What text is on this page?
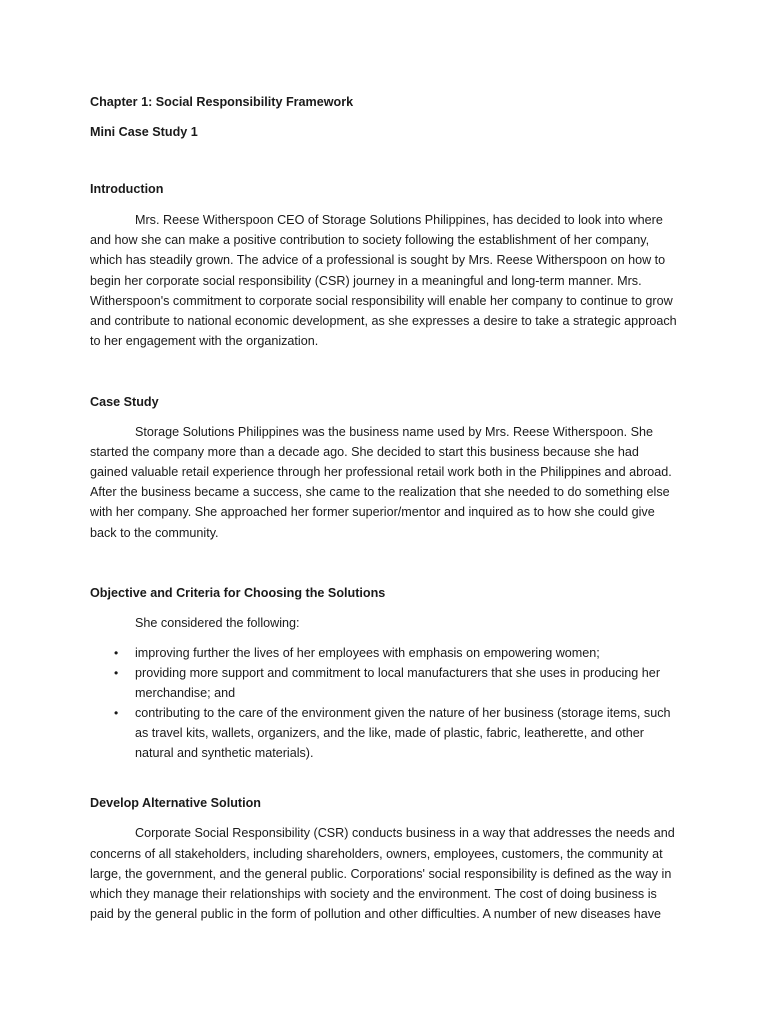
Chapter 1: Social Responsibility Framework

Mini Case Study 1

Introduction

Mrs. Reese Witherspoon CEO of Storage Solutions Philippines, has decided to look into where and how she can make a positive contribution to society following the establishment of her company, which has steadily grown. The advice of a professional is sought by Mrs. Reese Witherspoon on how to begin her corporate social responsibility (CSR) journey in a meaningful and long-term manner. Mrs. Witherspoon's commitment to corporate social responsibility will enable her company to continue to grow and contribute to national economic development, as she expresses a desire to take a strategic approach to her engagement with the organization.

Case Study

Storage Solutions Philippines was the business name used by Mrs. Reese Witherspoon. She started the company more than a decade ago. She decided to start this business because she had gained valuable retail experience through her professional retail work both in the Philippines and abroad. After the business became a success, she came to the realization that she needed to do something else with her company. She approached her former superior/mentor and inquired as to how she could give back to the community.

Objective and Criteria for Choosing the Solutions

She considered the following:

• improving further the lives of her employees with emphasis on empowering women;
• providing more support and commitment to local manufacturers that she uses in producing her merchandise; and
• contributing to the care of the environment given the nature of her business (storage items, such as travel kits, wallets, organizers, and the like, made of plastic, fabric, leatherette, and other natural and synthetic materials).

Develop Alternative Solution

Corporate Social Responsibility (CSR) conducts business in a way that addresses the needs and concerns of all stakeholders, including shareholders, owners, employees, customers, the community at large, the government, and the general public. Corporations' social responsibility is defined as the way in which they manage their relationships with society and the environment. The cost of doing business is paid by the general public in the form of pollution and other difficulties. A number of new diseases have
